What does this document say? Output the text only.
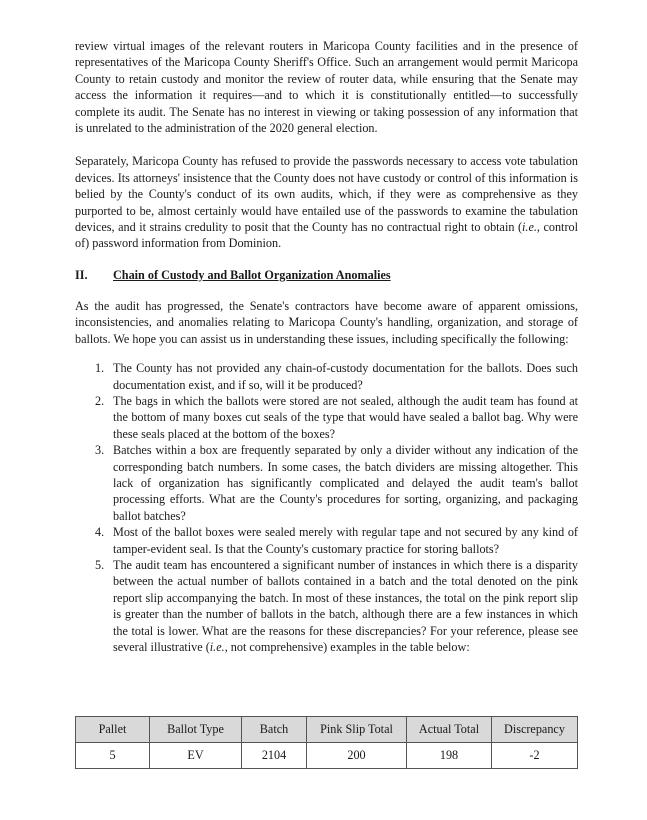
review virtual images of the relevant routers in Maricopa County facilities and in the presence of representatives of the Maricopa County Sheriff's Office. Such an arrangement would permit Maricopa County to retain custody and monitor the review of router data, while ensuring that the Senate may access the information it requires—and to which it is constitutionally entitled—to successfully complete its audit. The Senate has no interest in viewing or taking possession of any information that is unrelated to the administration of the 2020 general election.

Separately, Maricopa County has refused to provide the passwords necessary to access vote tabulation devices. Its attorneys' insistence that the County does not have custody or control of this information is belied by the County's conduct of its own audits, which, if they were as comprehensive as they purported to be, almost certainly would have entailed use of the passwords to examine the tabulation devices, and it strains credulity to posit that the County has no contractual right to obtain (i.e., control of) password information from Dominion.

II.	Chain of Custody and Ballot Organization Anomalies

As the audit has progressed, the Senate's contractors have become aware of apparent omissions, inconsistencies, and anomalies relating to Maricopa County's handling, organization, and storage of ballots. We hope you can assist us in understanding these issues, including specifically the following:

1. The County has not provided any chain-of-custody documentation for the ballots. Does such documentation exist, and if so, will it be produced?
2. The bags in which the ballots were stored are not sealed, although the audit team has found at the bottom of many boxes cut seals of the type that would have sealed a ballot bag. Why were these seals placed at the bottom of the boxes?
3. Batches within a box are frequently separated by only a divider without any indication of the corresponding batch numbers. In some cases, the batch dividers are missing altogether. This lack of organization has significantly complicated and delayed the audit team's ballot processing efforts. What are the County's procedures for sorting, organizing, and packaging ballot batches?
4. Most of the ballot boxes were sealed merely with regular tape and not secured by any kind of tamper-evident seal. Is that the County's customary practice for storing ballots?
5. The audit team has encountered a significant number of instances in which there is a disparity between the actual number of ballots contained in a batch and the total denoted on the pink report slip accompanying the batch. In most of these instances, the total on the pink report slip is greater than the number of ballots in the batch, although there are a few instances in which the total is lower. What are the reasons for these discrepancies? For your reference, please see several illustrative (i.e., not comprehensive) examples in the table below:
Pallet	Ballot Type	Batch	Pink Slip Total	Actual Total	Discrepancy
5	EV	2104	200	198	-2
